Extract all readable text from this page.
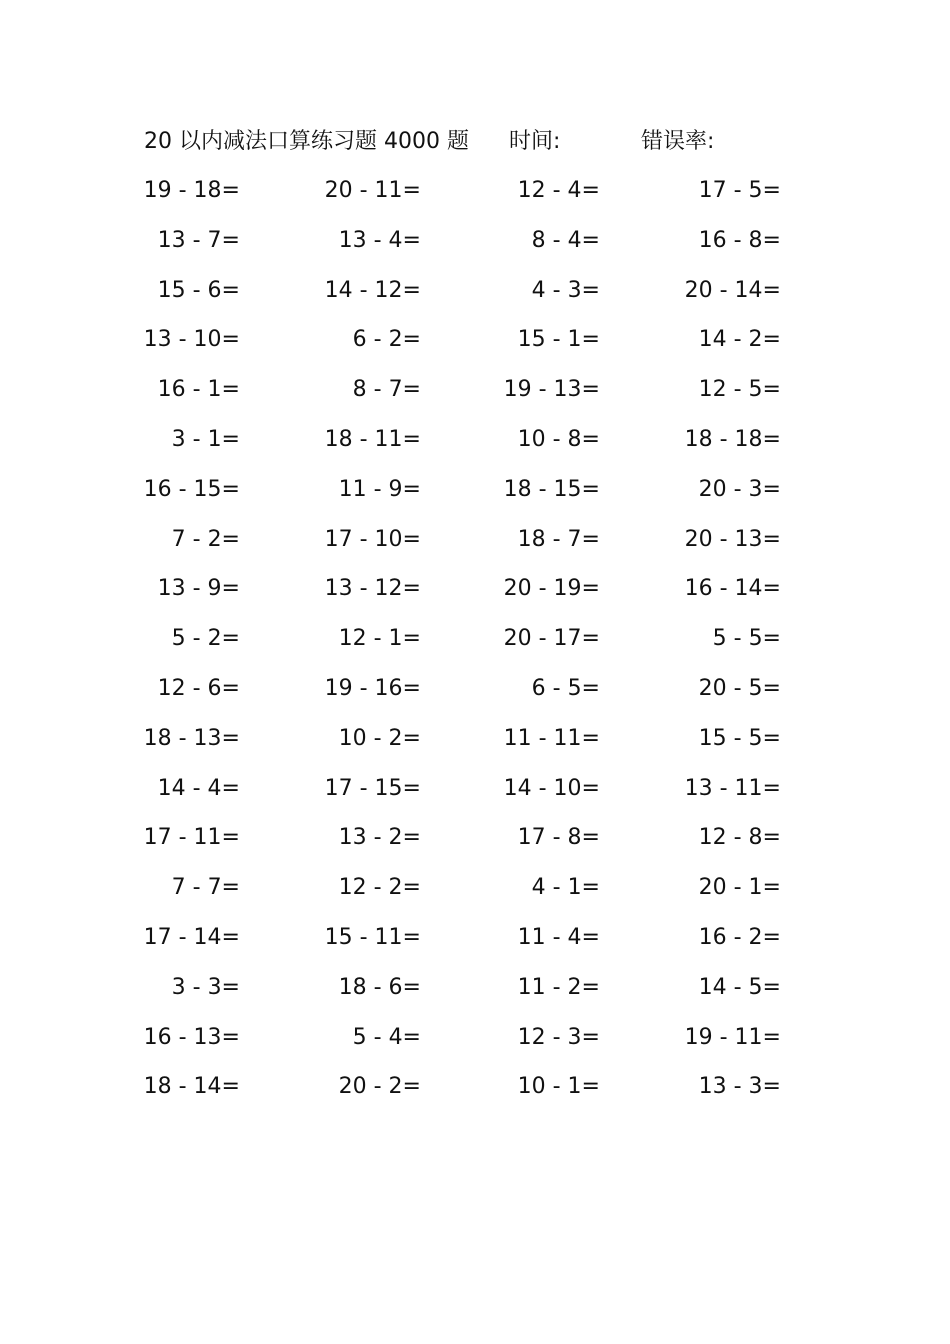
20 以内减法口算练习题 4000 题 时间:	错误率:
19 - 18=	20 - 11=	12 - 4=	17 - 5=
13 - 7=	13 - 4=	8 - 4=	16 - 8=
15 - 6=	14 - 12=	4 - 3=	20 - 14=
13 - 10=	6 - 2=	15 - 1=	14 - 2=
16 - 1=	8 - 7=	19 - 13=	12 - 5=
3 - 1=	18 - 11=	10 - 8=	18 - 18=
16 - 15=	11 - 9=	18 - 15=	20 - 3=
7 - 2=	17 - 10=	18 - 7=	20 - 13=
13 - 9=	13 - 12=	20 - 19=	16 - 14=
5 - 2=	12 - 1=	20 - 17=	5 - 5=
12 - 6=	19 - 16=	6 - 5=	20 - 5=
18 - 13=	10 - 2=	11 - 11=	15 - 5=
14 - 4=	17 - 15=	14 - 10=	13 - 11=
17 - 11=	13 - 2=	17 - 8=	12 - 8=
7 - 7=	12 - 2=	4 - 1=	20 - 1=
17 - 14=	15 - 11=	11 - 4=	16 - 2=
3 - 3=	18 - 6=	11 - 2=	14 - 5=
16 - 13=	5 - 4=	12 - 3=	19 - 11=
18 - 14=	20 - 2=	10 - 1=	13 - 3=
